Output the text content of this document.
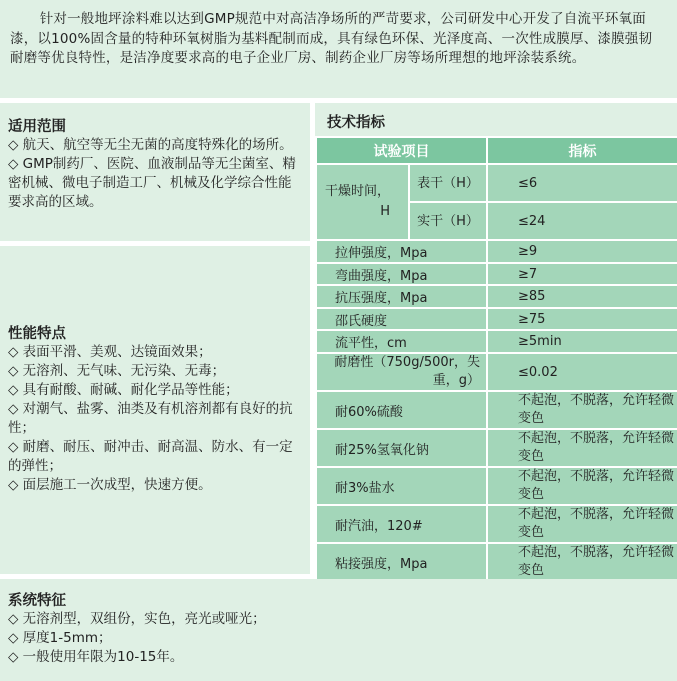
针对一般地坪涂料难以达到GMP规范中对高洁净场所的严苛要求，公司研发中心开发了自流平环氧面漆，以100%固含量的特种环氧树脂为基料配制而成，具有绿色环保、光泽度高、一次性成膜厚、漆膜强韧耐磨等优良特性，是洁净度要求高的电子企业厂房、制药企业厂房等场所理想的地坪涂装系统。
适用范围
◇ 航天、航空等无尘无菌的高度特殊化的场所。
◇ GMP制药厂、医院、血液制品等无尘菌室、精密机械、微电子制造工厂、机械及化学综合性能要求高的区域。
性能特点
◇ 表面平滑、美观、达镜面效果；
◇ 无溶剂、无气味、无污染、无毒；
◇ 具有耐酸、耐碱、耐化学品等性能；
◇ 对潮气、盐雾、油类及有机溶剂都有良好的抗性；
◇ 耐磨、耐压、耐冲击、耐高温、防水、有一定的弹性；
◇ 面层施工一次成型，快速方便。
技术指标
试验项目		指标
干燥时间，H	表干（H）	≤6
	实干（H）	≤24
拉伸强度，Mpa		≥9
弯曲强度，Mpa		≥7
抗压强度，Mpa		≥85
邵氏硬度		≥75
流平性，cm		≥5min
耐磨性（750g/500r，失重，g）		≤0.02
耐60%硫酸		不起泡，不脱落，允许轻微变色
耐25%氢氧化钠		不起泡，不脱落，允许轻微变色
耐3%盐水		不起泡，不脱落，允许轻微变色
耐汽油，120#		不起泡，不脱落，允许轻微变色
粘接强度，Mpa		不起泡，不脱落，允许轻微变色
系统特征
◇ 无溶剂型，双组份，实色，亮光或哑光；
◇ 厚度1-5mm；
◇ 一般使用年限为10-15年。
